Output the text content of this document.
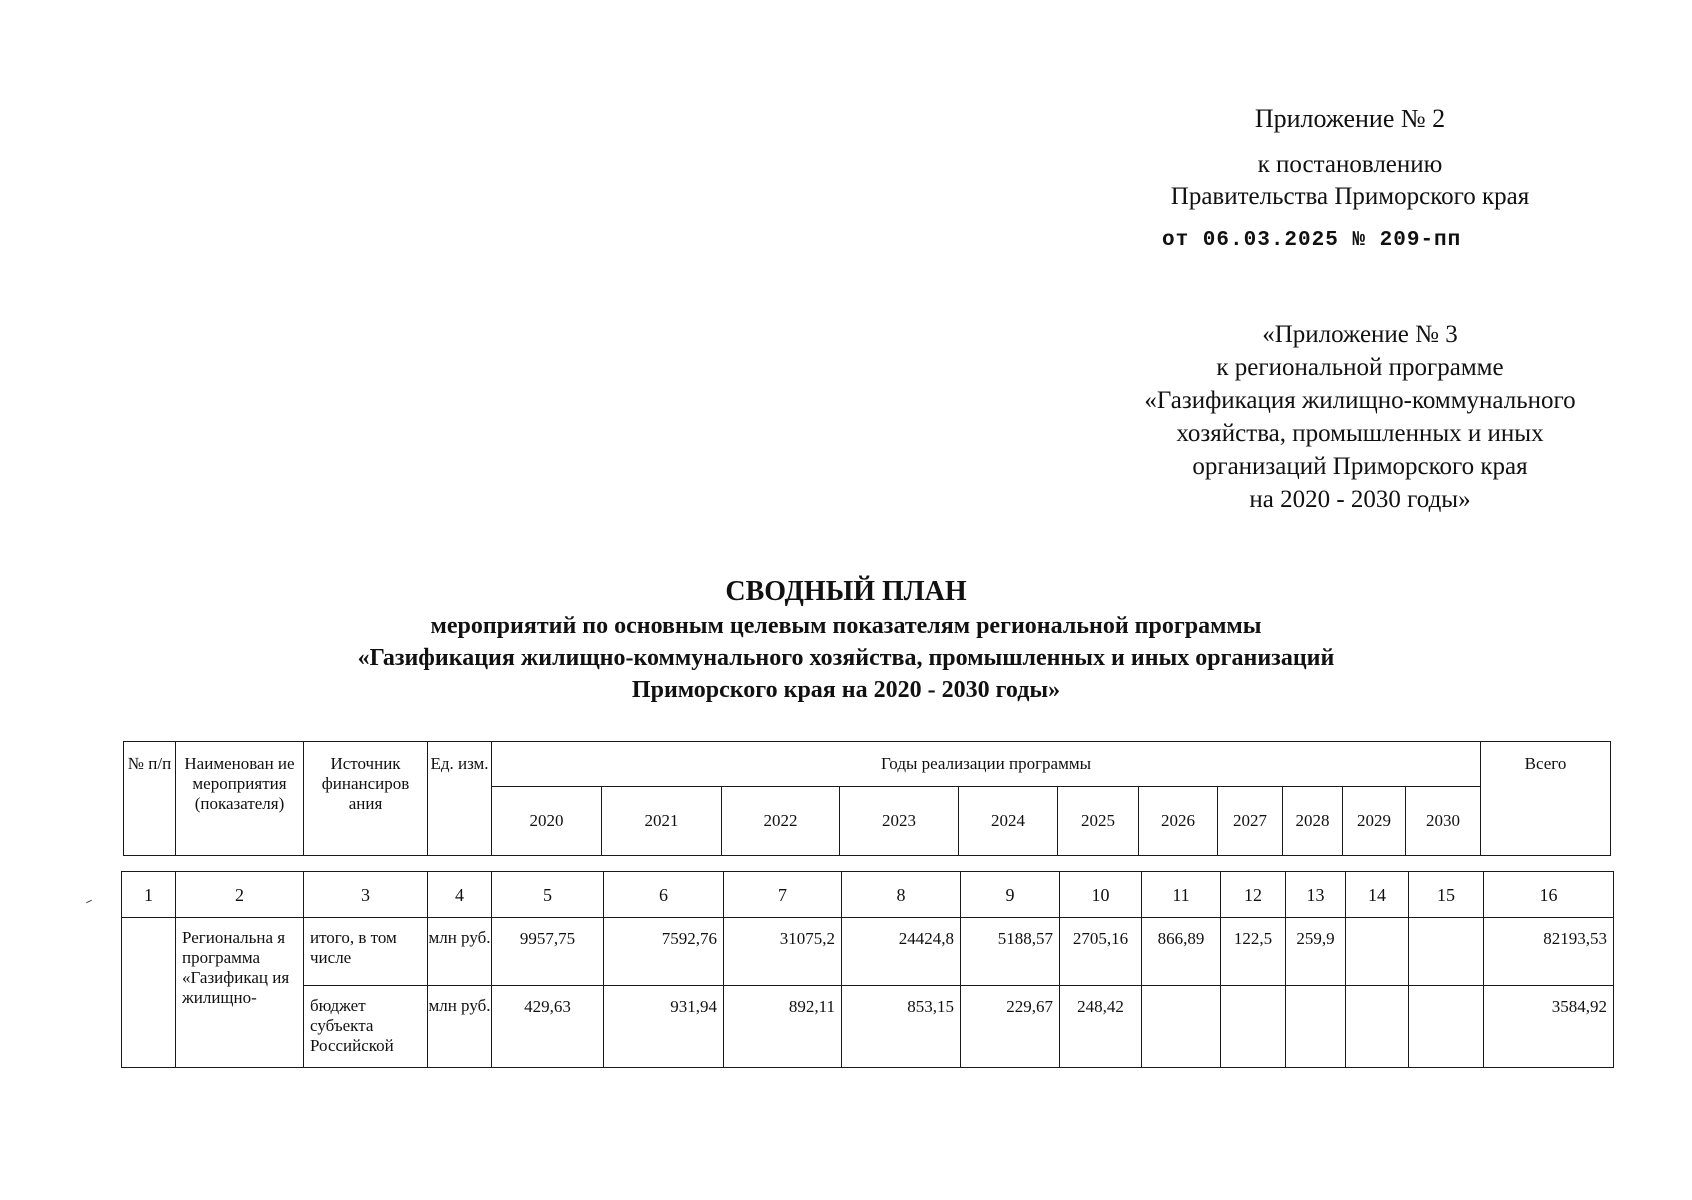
Приложение № 2
к постановлению
Правительства Приморского края
от 06.03.2025 № 209-пп
«Приложение № 3
к региональной программе
«Газификация жилищно-коммунального
хозяйства, промышленных и иных
организаций Приморского края
на 2020 - 2030 годы»
СВОДНЫЙ ПЛАН
мероприятий по основным целевым показателям региональной программы
«Газификация жилищно-коммунального хозяйства, промышленных и иных организаций
Приморского края на 2020 - 2030 годы»
№ п/п	Наименован ие мероприятия (показателя)	Источник финансиров ания	Ед. изм.	Годы реализации программы											Всего
				2020	2021	2022	2023	2024	2025	2026	2027	2028	2029	2030	
1	2	3	4	5	6	7	8	9	10	11	12	13	14	15	16
	Региональна я программа «Газификац ия жилищно-	итого, в том числе	млн руб.	9957,75	7592,76	31075,2	24424,8	5188,57	2705,16	866,89	122,5	259,9			82193,53
		бюджет субъекта Российской	млн руб.	429,63	931,94	892,11	853,15	229,67	248,42						3584,92
